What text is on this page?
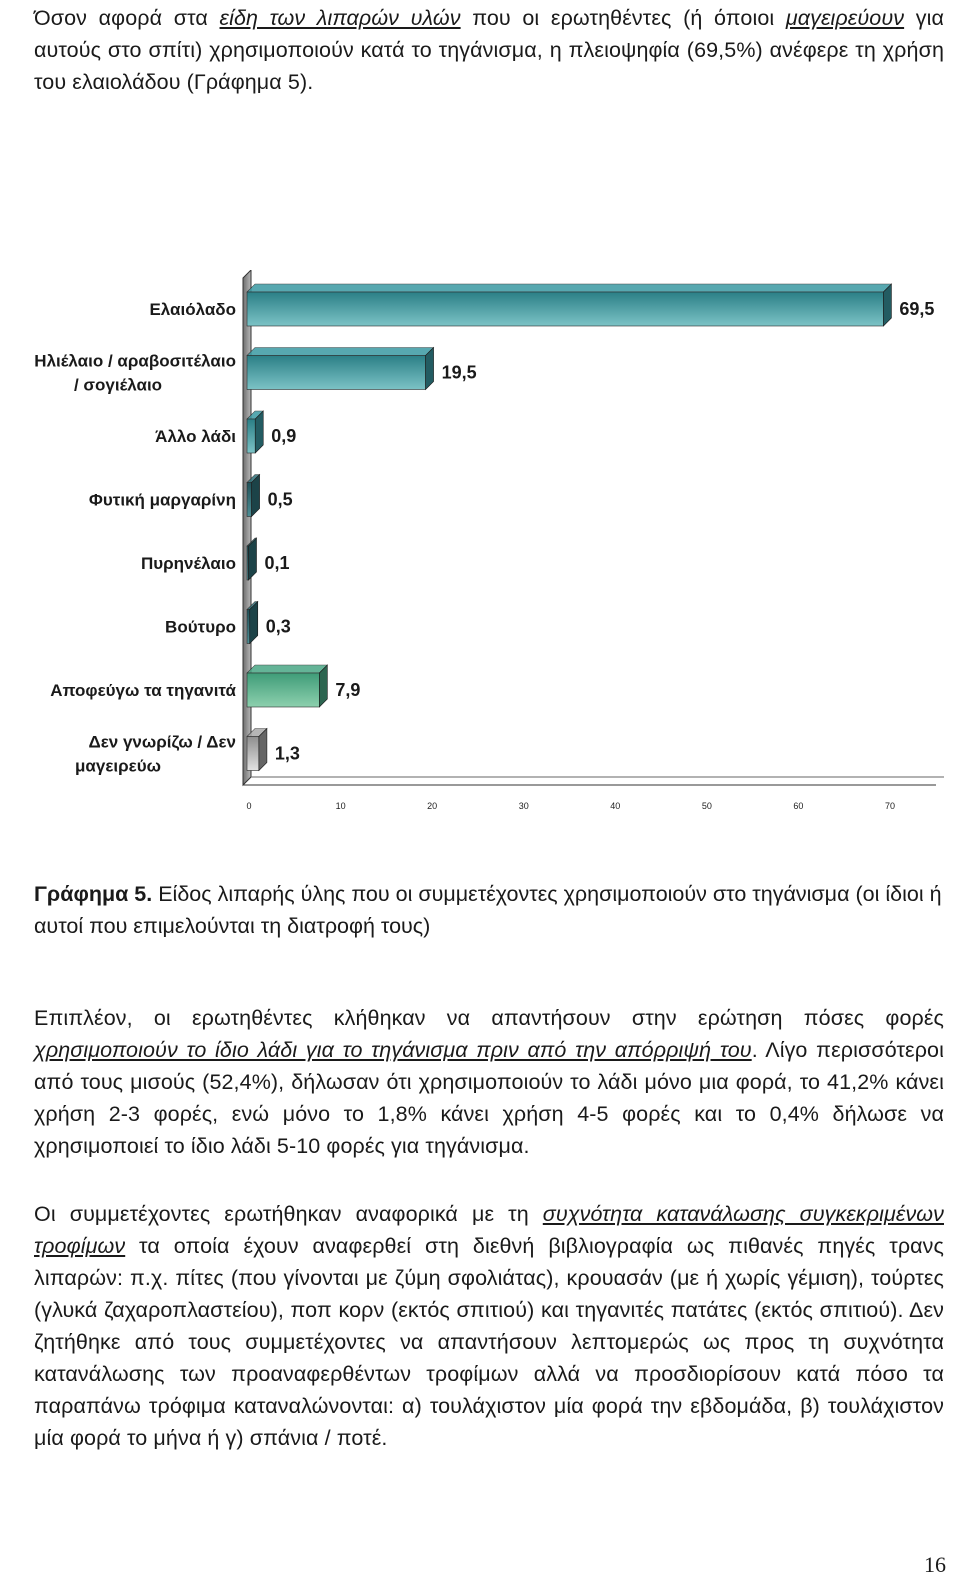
Όσον αφορά στα είδη των λιπαρών υλών που οι ερωτηθέντες (ή όποιοι μαγειρεύουν για αυτούς στο σπίτι) χρησιμοποιούν κατά το τηγάνισμα, η πλειοψηφία (69,5%) ανέφερε τη χρήση του ελαιολάδου (Γράφημα 5).
0	10	20	30	40	50	60	70
69,5
Ελαιόλαδο
19,5
Ηλιέλαιο / αραβοσιτέλαιο
/ σογιέλαιο
0,9
Άλλο λάδι
0,5
Φυτική μαργαρίνη
0,1
Πυρηνέλαιο
0,3
Βούτυρο
7,9
Αποφεύγω τα τηγανιτά
1,3
Δεν γνωρίζω / Δεν
μαγειρεύω
Γράφημα 5. Είδος λιπαρής ύλης που οι συμμετέχοντες χρησιμοποιούν στο τηγάνισμα (οι ίδιοι ή αυτοί που επιμελούνται τη διατροφή τους)
Επιπλέον, οι ερωτηθέντες κλήθηκαν να απαντήσουν στην ερώτηση πόσες φορές χρησιμοποιούν το ίδιο λάδι για το τηγάνισμα πριν από την απόρριψή του. Λίγο περισσότεροι από τους μισούς (52,4%), δήλωσαν ότι χρησιμοποιούν το λάδι μόνο μια φορά, το 41,2% κάνει χρήση 2-3 φορές, ενώ μόνο το 1,8% κάνει χρήση 4-5 φορές και το 0,4% δήλωσε να χρησιμοποιεί το ίδιο λάδι 5-10 φορές για τηγάνισμα.
Οι συμμετέχοντες ερωτήθηκαν αναφορικά με τη συχνότητα κατανάλωσης συγκεκριμένων τροφίμων τα οποία έχουν αναφερθεί στη διεθνή βιβλιογραφία ως πιθανές πηγές τρανς λιπαρών: π.χ. πίτες (που γίνονται με ζύμη σφολιάτας), κρουασάν (με ή χωρίς γέμιση), τούρτες (γλυκά ζαχαροπλαστείου), ποπ κορν (εκτός σπιτιού) και τηγανιτές πατάτες (εκτός σπιτιού). Δεν ζητήθηκε από τους συμμετέχοντες να απαντήσουν λεπτομερώς ως προς τη συχνότητα κατανάλωσης των προαναφερθέντων τροφίμων αλλά να προσδιορίσουν κατά πόσο τα παραπάνω τρόφιμα καταναλώνονται: α) τουλάχιστον μία φορά την εβδομάδα, β) τουλάχιστον μία φορά το μήνα ή γ) σπάνια / ποτέ.
16
